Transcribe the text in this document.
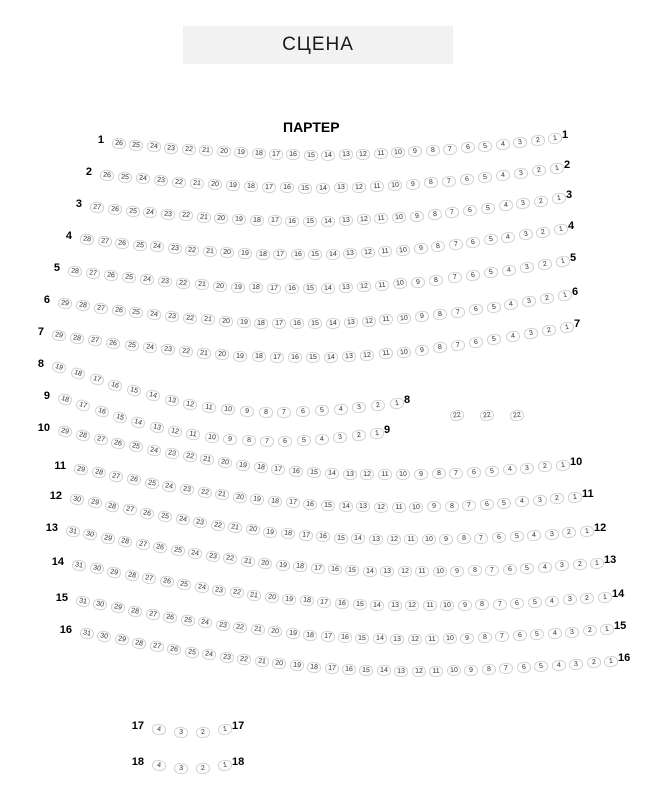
СЦЕНА
ПАРТЕР
1	1
26	25	24	23	22	21	20	19	18	17	16	15	14	13	12	11	10	9	8	7	6	5	4	3	2	1
2
2
26	25	24	23	22	21	20	19	18	17	16	15	14	13	12	11	10	9	8	7	6	5	4	3	2	1
3
3
27	26	25	24	23	22	21	20	19	18	17	16	15	14	13	12	11	10	9	8	7	6	5	4	3	2	1
4
4
28	27	26	25	24	23	22	21	20	19	18	17	16	15	14	13	12	11	10	9	8	7	6	5	4	3	2	1
5
5
28	27	26	25	24	23	22	21	20	19	18	17	16	15	14	13	12	11	10	9	8	7	6	5	4	3	2	1
6
6
29	28	27	26	25	24	23	22	21	20	19	18	17	16	15	14	13	12	11	10	9	8	7	6	5	4	3	2	1
7
7
29	28	27	26	25	24	23	22	21	20	19	18	17	16	15	14	13	12	11	10	9	8	7	6	5	4	3	2	1
8
8
19
18
17
16
15
14
13	12	11	10	9	8	7	6	5	4	3	2	1
9
9
18
17
16
15
14
13	12	11	10	9	8	7	6	5	4	3	2	1
10
10
29	28	27	26	25	24	23	22	21	20	19	18	17	16	15	14	13	12	11	10	9	8	7	6	5	4	3	2	1
11
11
29	28	27	26	25	24	23	22	21	20	19	18	17	16	15	14	13	12	11	10	9	8	7	6	5	4	3	2	1
12
12
30	29	28	27	26	25	24	23	22	21	20	19	18	17	16	15	14	13	12	11	10	9	8	7	6	5	4	3	2	1
13
13
31	30	29	28	27	26	25	24	23	22	21	20	19	18	17	16	15	14	13	12	11	10	9	8	7	6	5	4	3	2	1
14
14
31	30	29	28	27	26	25	24	23	22	21	20	19	18	17	16	15	14	13	12	11	10	9	8	7	6	5	4	3	2	1
15
15
31	30	29	28	27	26	25	24	23	22	21	20	19	18	17	16	15	14	13	12	11	10	9	8	7	6	5	4	3	2	1
16
16
31	30	29	28	27	26	25	24	23	22	21	20	19	18	17	16	15	14	13	12	11	10	9	8	7	6	5	4	3	2	1
17	17
4	3	2	1
18	18
4	3	2	1
22	22	22
